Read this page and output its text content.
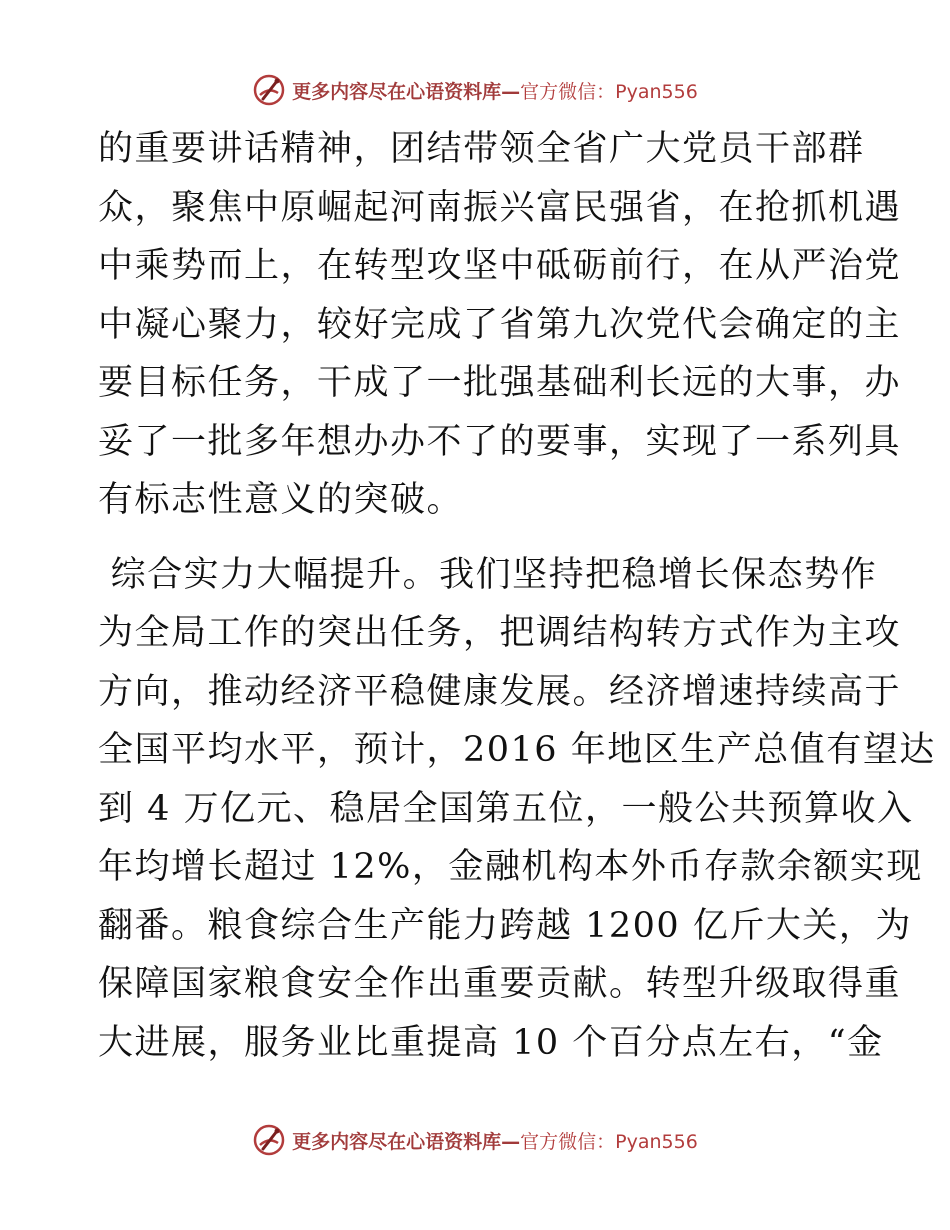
更多内容尽在心语资料库—官方微信：Pyan556

的重要讲话精神，团结带领全省广大党员干部群
众，聚焦中原崛起河南振兴富民强省，在抢抓机遇
中乘势而上，在转型攻坚中砥砺前行，在从严治党
中凝心聚力，较好完成了省第九次党代会确定的主
要目标任务，干成了一批强基础利长远的大事，办
妥了一批多年想办办不了的要事，实现了一系列具
有标志性意义的突破。

综合实力大幅提升。我们坚持把稳增长保态势作
为全局工作的突出任务，把调结构转方式作为主攻
方向，推动经济平稳健康发展。经济增速持续高于
全国平均水平，预计，2016 年地区生产总值有望达
到 4 万亿元、稳居全国第五位，一般公共预算收入
年均增长超过 12%，金融机构本外币存款余额实现
翻番。粮食综合生产能力跨越 1200 亿斤大关，为
保障国家粮食安全作出重要贡献。转型升级取得重
大进展，服务业比重提高 10 个百分点左右，“金

更多内容尽在心语资料库—官方微信：Pyan556
